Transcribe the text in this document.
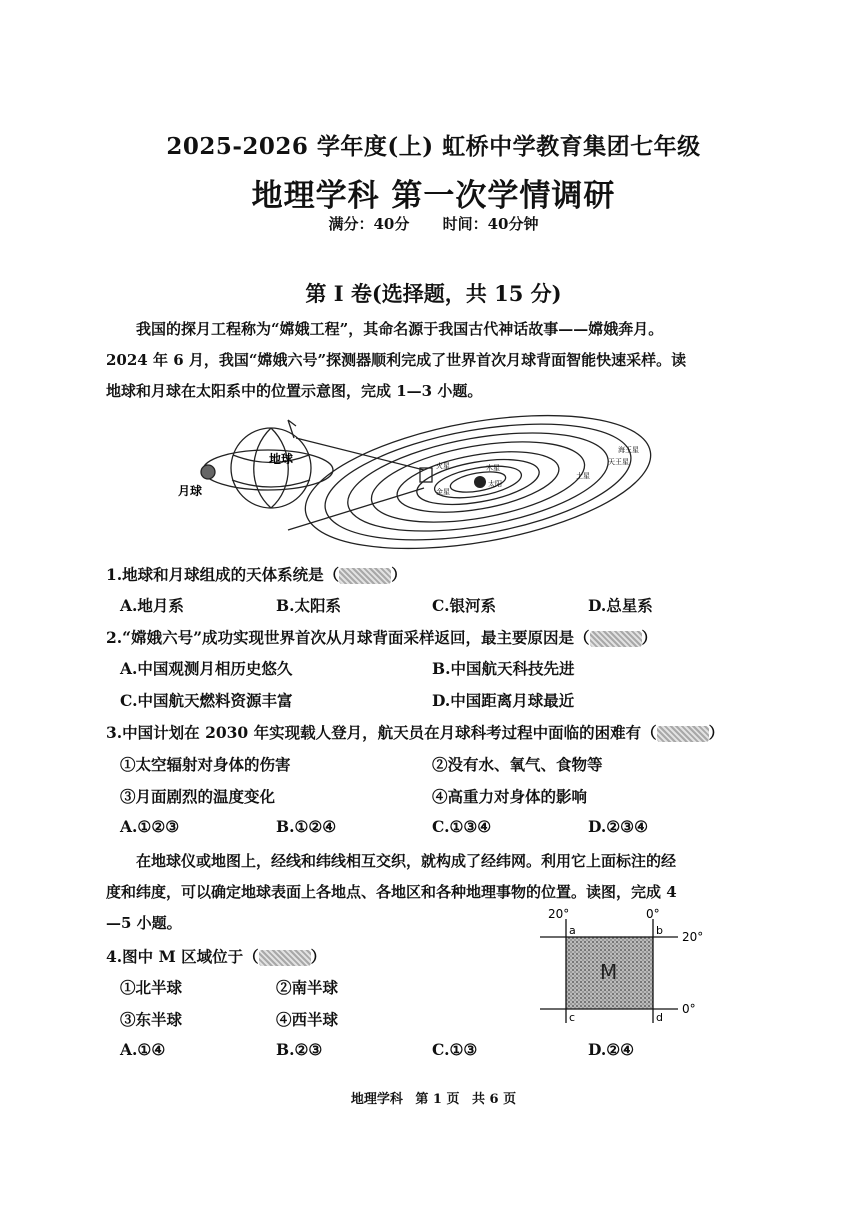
2025-2026 学年度(上) 虹桥中学教育集团七年级
地理学科 第一次学情调研
满分：40分 时间：40分钟
第 I 卷(选择题，共 15 分)

我国的探月工程称为“嫦娥工程”，其命名源于我国古代神话故事——嫦娥奔月。

2024 年 6 月，我国“嫦娥六号”探测器顺利完成了世界首次月球背面智能快速采样。读

地球和月球在太阳系中的位置示意图，完成 1—3 小题。

地球
月球	太阳
火星
金星
木星
土星
天王星
海王星
1.地球和月球组成的天体系统是（	）
A.地月系	B.太阳系	C.银河系	D.总星系
2.“嫦娥六号”成功实现世界首次从月球背面采样返回，最主要原因是（	）
A.中国观测月相历史悠久	B.中国航天科技先进
C.中国航天燃料资源丰富	D.中国距离月球最近
3.中国计划在 2030 年实现载人登月，航天员在月球科考过程中面临的困难有（	）
①太空辐射对身体的伤害	②没有水、氧气、食物等
③月面剧烈的温度变化	④高重力对身体的影响
A.①②③	B.①②④	C.①③④	D.②③④

在地球仪或地图上，经线和纬线相互交织，就构成了经纬网。利用它上面标注的经

度和纬度，可以确定地球表面上各地点、各地区和各种地理事物的位置。读图，完成 4

—5 小题。	20°	0°
20°
0°
a	b
c	d
M
4.图中 M 区域位于（	）
①北半球	②南半球
③东半球	④西半球
A.①④	B.②③	C.①③	D.②④
地理学科 第 1 页 共 6 页
